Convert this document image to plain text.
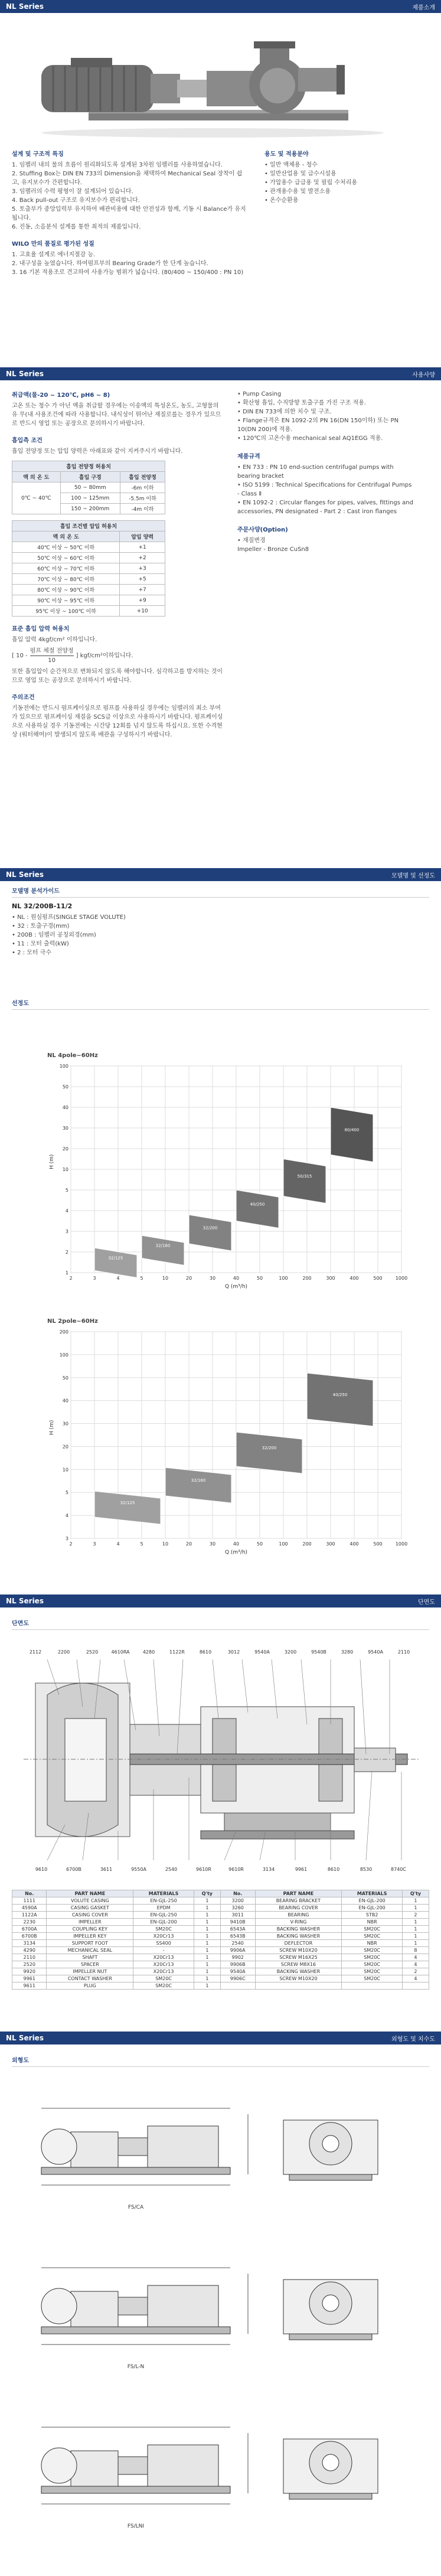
NL Series	제품소개
설계 및 구조적 특징
1. 임펠러 내의 물의 흐름이 원리화되도록 설계된 3차원 임펠러를 사용하였습니다.
2. Stuffing Box는 DIN EN 733의 Dimension을 채택하여 Mechanical Seal 장착이 쉽고, 유지보수가 간편합니다.
3. 임펠러의 수력 평형이 잘 설계되어 있습니다.
4. Back pull-out 구조로 유지보수가 편리합니다.
5. 토출부가 중앙입력부 유지하여 배관비용에 대한 안전성과 함께, 기동 시 Balance가 유지됩니다.
6. 진동, 소음분석 설계를 통한 최적의 제품입니다.
WILO 만의 품질로 평가된 성질
1. 고효율 설계로 에너지절감 능.
2. 내구성을 높였습니다. 하여펌프부의 Bearing Grade가 한 단계 높습니다.
3. 16 기본 적용조로 견고하여 사용가능 범위가 넓습니다. (80/400 ~ 150/400 : PN 10)
용도 및 적용분야
• 일반 액체용 - 청수
• 일반산업용 및 급수시설용
• 가압용수 급급용 및 필립 수처리용
• 관개용수용 및 발전소용
• 온수순환용
NL Series	사용사양
취급액(물-20 ~ 120℃, pH6 ~ 8)
고온 또는 청수 가 아닌 액을 취급할 경우에는 이송액의 특성온도, 농도, 고형물의 유 무(내 사용조건에 따라 사용합니다. 내식성이 뛰어난 재질로를는 경우가 있으므로 반드시 영업 또는 공장으로 문의하시기 바랍니다.
흡입측 조건
흡입 전양정 또는 압입 양력은 아래표와 같이 지켜주시기 바랍니다.
흡입 전양정 허용치		
액 의 온 도	흡입 구경	흡입 전양정
0℃ ~ 40℃	50 ~ 80mm	-6m 이하
	100 ~ 125mm	-5.5m 이하
	150 ~ 200mm	-4m 이하
흡입 조건별 압입 허용치	
액 의 온 도	압입 양력
40℃ 이상 ~ 50℃ 이하	+1
50℃ 이상 ~ 60℃ 이하	+2
60℃ 이상 ~ 70℃ 이하	+3
70℃ 이상 ~ 80℃ 이하	+5
80℃ 이상 ~ 90℃ 이하	+7
90℃ 이상 ~ 95℃ 이하	+9
95℃ 이상 ~ 100℃ 이하	+10
표준 흡입 압력 허용치
흡입 압력 4kgf/cm² 이하입니다.
[ 10 -
펌프 체절 전양정
10
] kgf/cm²이하입니다.
또한 흡입압이 순간적으로 변화되지 않도록 해야합니다. 심각하고를 방지하는 것이므로 영업 또는 공장으로 문의하시기 바랍니다.
주의조건
기동전에는 반드시 펌프케이싱으로 펌프를 사용하실 경우에는 임펠러의 최소 부여가 있으므로 펌프케이싱 재질을 SCS급 이상으로 사용하시기 바랍니다. 펌프케이싱으로 사용하실 경우 기동전에는 시간당 12회를 넘지 않도록 하십시요. 또한 수격현상 (워터해머)이 발생되지 않도록 배관을 구성하시기 바랍니다.
• Pump Casing
• 확산형 흡입, 수직방향 토출구를 가진 구조 적용.
• DIN EN 733에 의한 치수 및 구조.
• Flange규격은 EN 1092-2의 PN 16(DN 150이하) 또는 PN 10(DN 200)에 적용.
• 120℃의 고온수용 mechanical seal AQ1EGG 적용.
제품규격
• EN 733 : PN 10 end-suction centrifugal pumps with bearing bracket
• ISO 5199 : Technical Specifications for Centrifugal Pumps - Class Ⅱ
• EN 1092-2 : Circular flanges for pipes, valves, fittings and accessories, PN designated - Part 2 : Cast iron flanges
주문사양(Option)
• 재질변경
Impeller - Bronze CuSn8
NL Series	모델명 및 선정도
모델명 분석가이드
NL 32/200B-11/2
• NL : 원심펌프(SINGLE STAGE VOLUTE)
• 32 : 토출구경(mm)
• 200B : 임펠러 공칭외경(mm)
• 11 : 모터 출력(kW)
• 2 : 모터 극수
선정도
NL 4pole~60Hz
2	3	4	5	10	20	30	40	50	100	200	300	400	500	1000
1
2
3
4
5
10
20
30
40
50
100
Q (m³/h)
H (m)
32/125
32/160
32/200
40/250
50/315
80/400
NL 2pole~60Hz
2	3	4	5	10	20	30	40	50	100	200	300	400	500	1000
3
4
5
10
20
30
40
50
100
200
Q (m³/h)
H (m)
32/125
32/160
32/200
40/250
NL Series	단면도
단면도
2112	2200	2520	4610RA	4280	1122R	8610	3012	9540A	3200	9540B	3280	9540A	2110
9610	6700B	3611	9550A	2540	9610R	9610R	3134	9961	8610	8530	8740C
No.	PART NAME	MATERIALS	Q'ty	No.	PART NAME	MATERIALS	Q'ty
1111	VOLUTE CASING	EN-GJL-250	1	3200	BEARING BRACKET	EN-GJL-200	1
4590A	CASING GASKET	EPDM	1	3260	BEARING COVER	EN-GJL-200	1
1122A	CASING COVER	EN-GJL-250	1	3011	BEARING	STB2	2
2230	IMPELLER	EN-GJL-200	1	9410B	V-RING	NBR	1
6700A	COUPLING KEY	SM20C	1	6543A	BACKING WASHER	SM20C	1
6700B	IMPELLER KEY	X20Cr13	1	6543B	BACKING WASHER	SM20C	1
3134	SUPPORT FOOT	SS400	1	2540	DEFLECTOR	NBR	1
4290	MECHANICAL SEAL	-	1	9906A	SCREW M10X20	SM20C	8
2110	SHAFT	X20Cr13	1	9902	SCREW M16X25	SM20C	4
2520	SPACER	X20Cr13	1	9906B	SCREW M8X16	SM20C	4
9920	IMPELLER NUT	X20Cr13	1	9540A	BACKING WASHER	SM20C	2
9961	CONTACT WASHER	SM20C	1	9906C	SCREW M10X20	SM20C	4
9611	PLUG	SM20C	1				
NL Series	외형도 및 치수도
외형도
FS/CA
FS/L-N
FS/LNI
